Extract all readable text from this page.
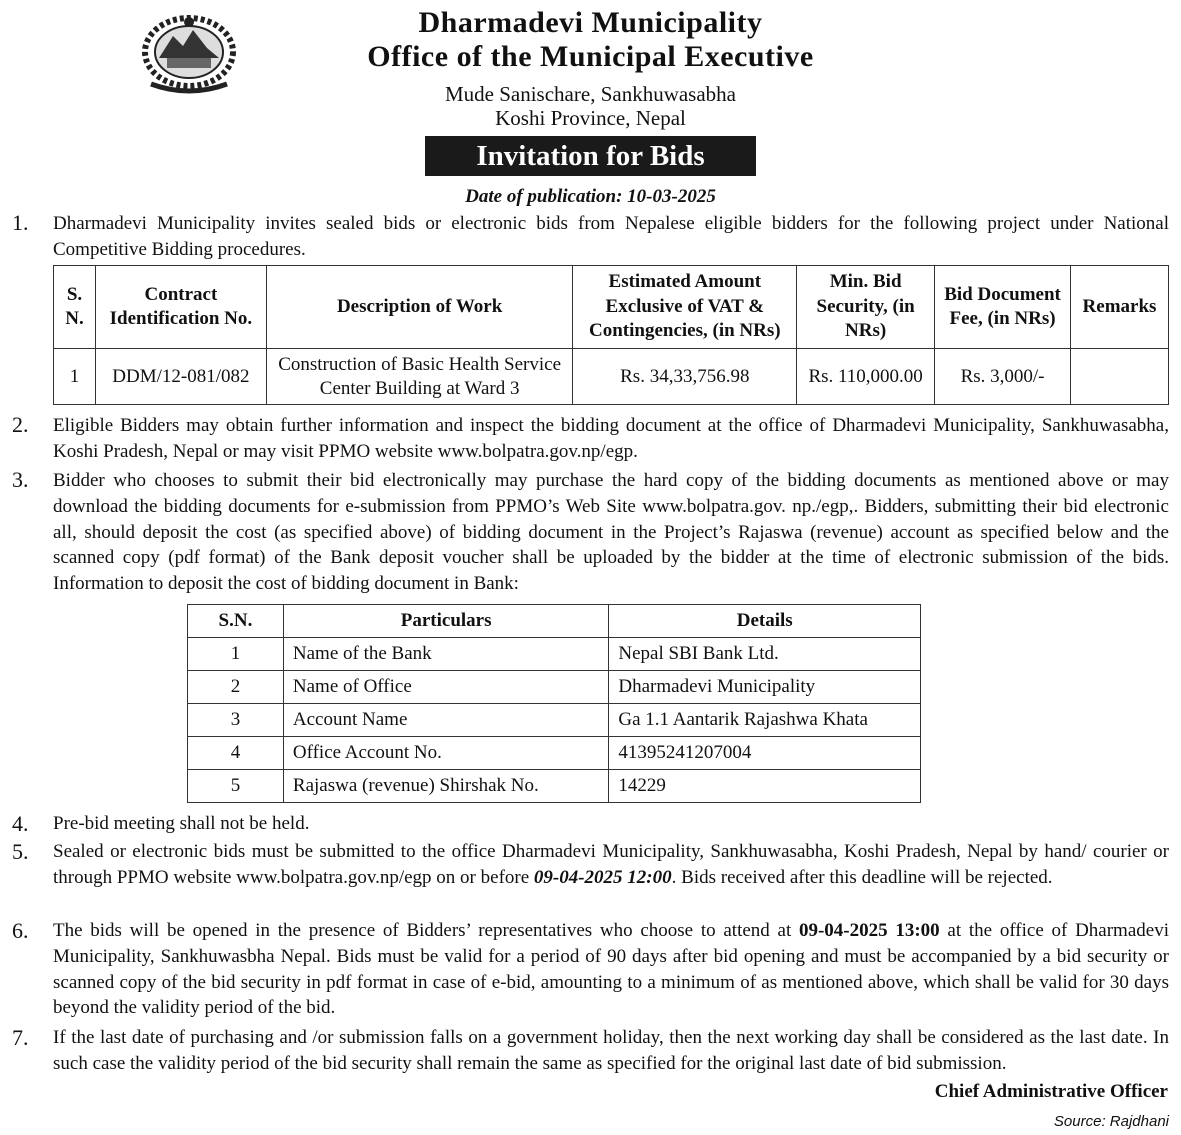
Dharmadevi Municipality
Office of the Municipal Executive
Mude Sanischare, Sankhuwasabha
Koshi Province, Nepal
Invitation for Bids
Date of publication: 10-03-2025
1. Dharmadevi Municipality invites sealed bids or electronic bids from Nepalese eligible bidders for the following project under National Competitive Bidding procedures.
S. N.	Contract Identification No.	Description of Work	Estimated Amount Exclusive of VAT & Contingencies, (in NRs)	Min. Bid Security, (in NRs)	Bid Document Fee, (in NRs)	Remarks
1	DDM/12-081/082	Construction of Basic Health Service Center Building at Ward 3	Rs. 34,33,756.98	Rs. 110,000.00	Rs. 3,000/-	
2. Eligible Bidders may obtain further information and inspect the bidding document at the office of Dharmadevi Municipality, Sankhuwasabha, Koshi Pradesh, Nepal or may visit PPMO website www.bolpatra.gov.np/egp.
3. Bidder who chooses to submit their bid electronically may purchase the hard copy of the bidding documents as mentioned above or may download the bidding documents for e-submission from PPMO’s Web Site www.bolpatra.gov. np./egp,. Bidders, submitting their bid electronic all, should deposit the cost (as specified above) of bidding document in the Project’s Rajaswa (revenue) account as specified below and the scanned copy (pdf format) of the Bank deposit voucher shall be uploaded by the bidder at the time of electronic submission of the bids. Information to deposit the cost of bidding document in Bank:
S.N.	Particulars	Details
1	Name of the Bank	Nepal SBI Bank Ltd.
2	Name of Office	Dharmadevi Municipality
3	Account Name	Ga 1.1 Aantarik Rajashwa Khata
4	Office Account No.	41395241207004
5	Rajaswa (revenue) Shirshak No.	14229
4. Pre-bid meeting shall not be held.
5. Sealed or electronic bids must be submitted to the office Dharmadevi Municipality, Sankhuwasabha, Koshi Pradesh, Nepal by hand/ courier or through PPMO website www.bolpatra.gov.np/egp on or before 09-04-2025 12:00. Bids received after this deadline will be rejected.
6. The bids will be opened in the presence of Bidders’ representatives who choose to attend at 09-04-2025 13:00 at the office of Dharmadevi Municipality, Sankhuwasbha Nepal. Bids must be valid for a period of 90 days after bid opening and must be accompanied by a bid security or scanned copy of the bid security in pdf format in case of e-bid, amounting to a minimum of as mentioned above, which shall be valid for 30 days beyond the validity period of the bid.
7. If the last date of purchasing and /or submission falls on a government holiday, then the next working day shall be considered as the last date. In such case the validity period of the bid security shall remain the same as specified for the original last date of bid submission.
Chief Administrative Officer
Source: Rajdhani
